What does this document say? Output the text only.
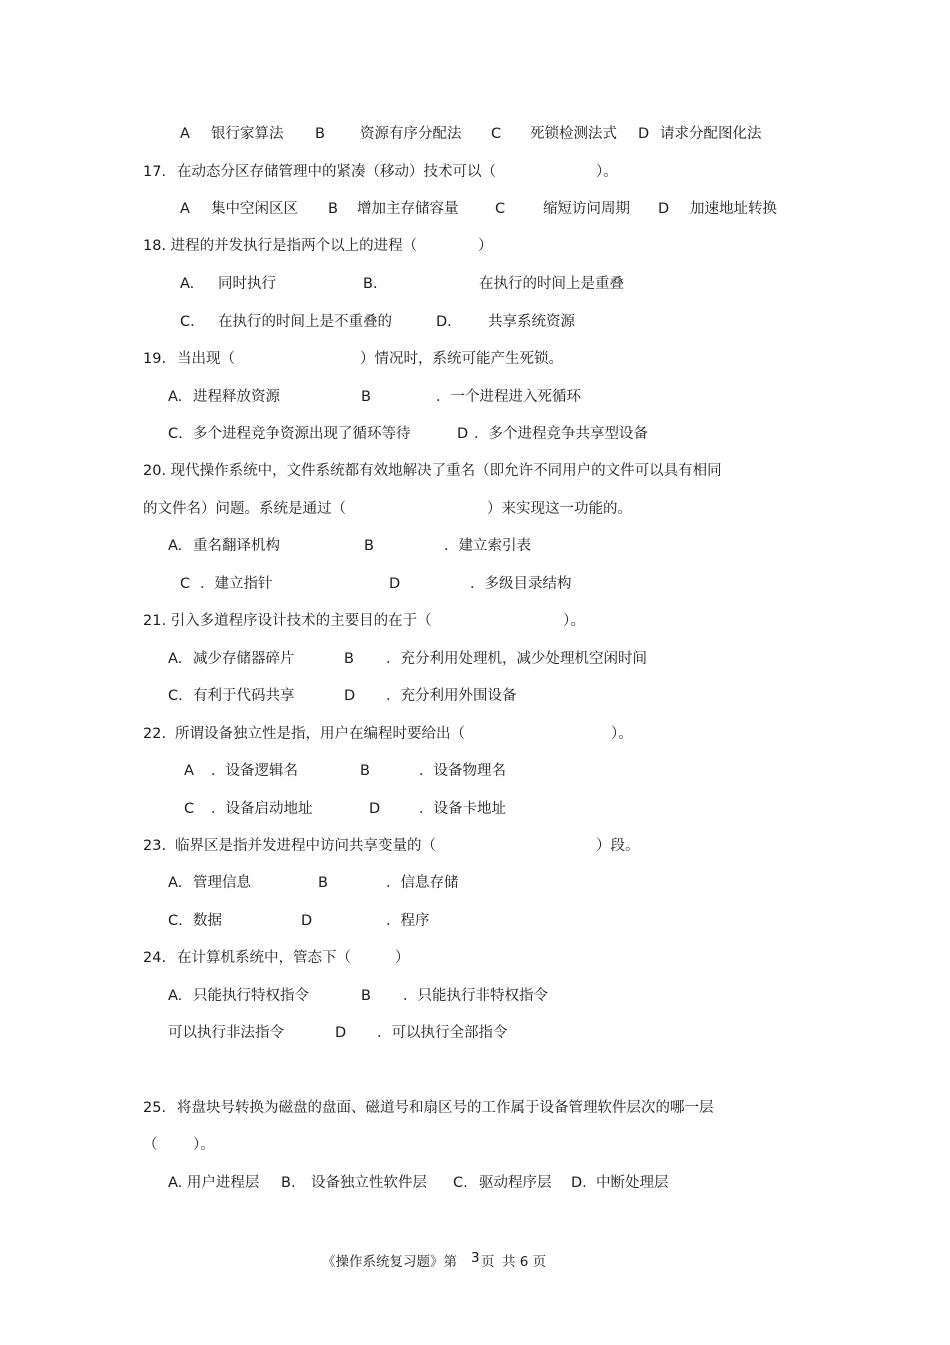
A 银行家算法 B 资源有序分配法 C 死锁检测法式 D 请求分配图化法
17. 在动态分区存储管理中的紧凑（移动）技术可以（	）。
A 集中空闲区区 B 增加主存储容量	C	缩短访问周期 D 加速地址转换
18. 进程的并发执行是指两个以上的进程（	）
A. 同时执行	B.	在执行的时间上是重叠
C. 在执行的时间上是不重叠的	D. 共享系统资源
19. 当出现（	）情况时，系统可能产生死锁。
A. 进程释放资源	B	．一个进程进入死循环
C. 多个进程竞争资源出现了循环等待	D ．多个进程竞争共享型设备
20. 现代操作系统中，文件系统都有效地解决了重名（即允许不同用户的文件可以具有相同
的文件名）问题。系统是通过（	）来实现这一功能的。
A. 重名翻译机构	B	．建立索引表
C ．建立指针	D	．多级目录结构
21. 引入多道程序设计技术的主要目的在于（	）。
A. 减少存储器碎片	B ．充分利用处理机，减少处理机空闲时间
C. 有利于代码共享	D ．充分利用外围设备
22. 所谓设备独立性是指，用户在编程时要给出（	）。
A ．设备逻辑名	B	．设备物理名
C ．设备启动地址	D	．设备卡地址
23. 临界区是指并发进程中访问共享变量的（	）段。
A. 管理信息	B	．信息存储
C. 数据	D	．程序
24. 在计算机系统中，管态下（	）
A. 只能执行特权指令	B ．只能执行非特权指令
可以执行非法指令	D ．可以执行全部指令
25. 将盘块号转换为磁盘的盘面、磁道号和扇区号的工作属于设备管理软件层次的哪一层
（ ）。
A. 用户进程层 B. 设备独立性软件层 C. 驱动程序层 D. 中断处理层
《操作系统复习题》第 3 页 共 6 页
